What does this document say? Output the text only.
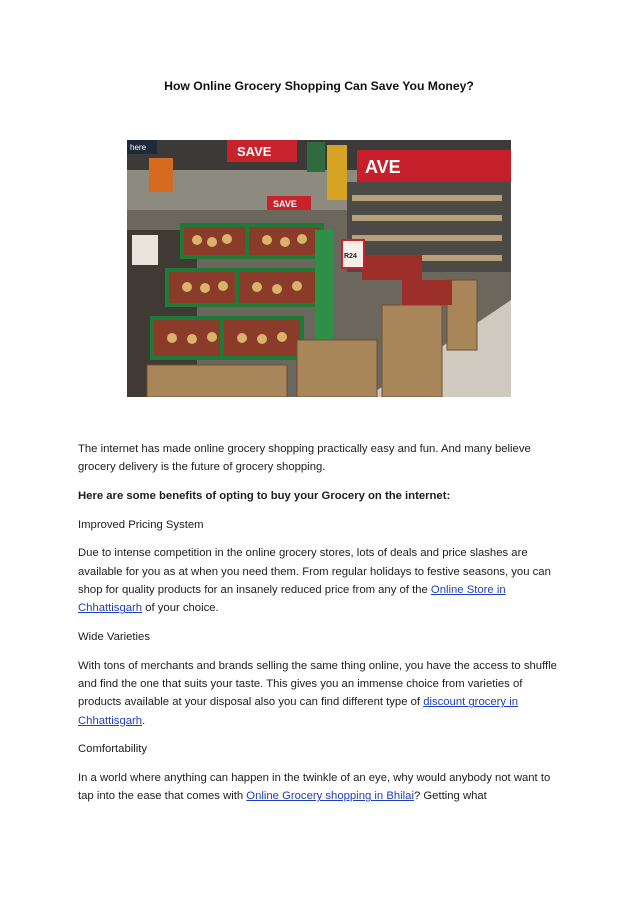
How Online Grocery Shopping Can Save You Money?
here	SAVE
AVE
SAVE
R24

The internet has made online grocery shopping practically easy and fun. And many believe grocery delivery is the future of grocery shopping.

Here are some benefits of opting to buy your Grocery on the internet:

Improved Pricing System

Due to intense competition in the online grocery stores, lots of deals and price slashes are available for you as at when you need them. From regular holidays to festive seasons, you can shop for quality products for an insanely reduced price from any of the Online Store in Chhattisgarh of your choice.

Wide Varieties

With tons of merchants and brands selling the same thing online, you have the access to shuffle and find the one that suits your taste. This gives you an immense choice from varieties of products available at your disposal also you can find different type of discount grocery in Chhattisgarh.

Comfortability

In a world where anything can happen in the twinkle of an eye, why would anybody not want to tap into the ease that comes with Online Grocery shopping in Bhilai? Getting what
